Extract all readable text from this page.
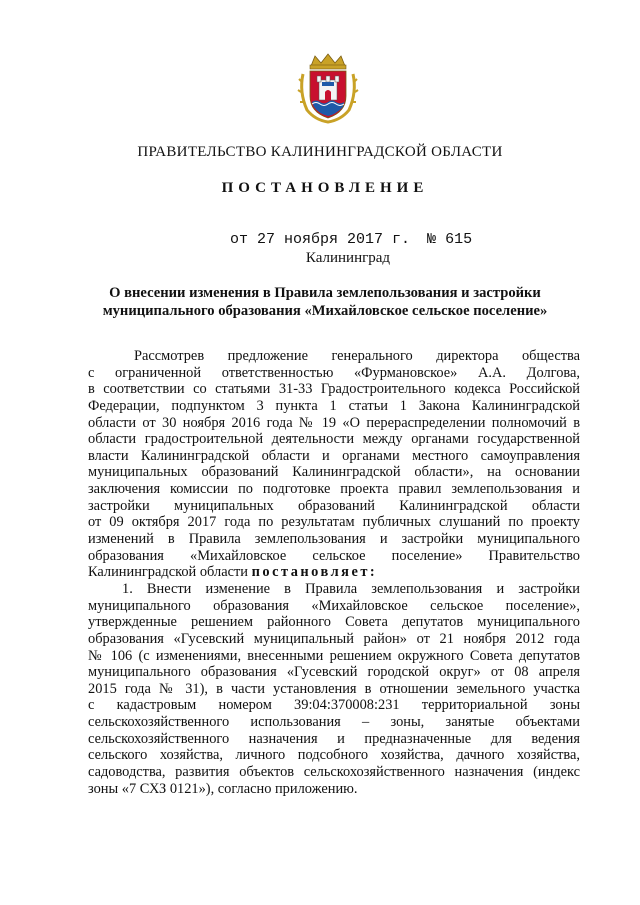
ПРАВИТЕЛЬСТВО КАЛИНИНГРАДСКОЙ ОБЛАСТИ
ПОСТАНОВЛЕНИЕ
от 27 ноября 2017 г. № 615
Калининград
О внесении изменения в Правила землепользования и застройки
муниципального образования «Михайловское сельское поселение»
Рассмотрев предложение генерального директора общества
с ограниченной ответственностью «Фурмановское» А.А. Долгова,
в соответствии со статьями 31-33 Градостроительного кодекса Российской
Федерации, подпунктом 3 пункта 1 статьи 1 Закона Калининградской
области от 30 ноября 2016 года № 19 «О перераспределении полномочий в
области градостроительной деятельности между органами государственной
власти Калининградской области и органами местного самоуправления
муниципальных образований Калининградской области», на основании
заключения комиссии по подготовке проекта правил землепользования и
застройки муниципальных образований Калининградской области
от 09 октября 2017 года по результатам публичных слушаний по проекту
изменений в Правила землепользования и застройки муниципального
образования «Михайловское сельское поселение» Правительство
Калининградской области постановляет:
1. Внести изменение в Правила землепользования и застройки
муниципального образования «Михайловское сельское поселение»,
утвержденные решением районного Совета депутатов муниципального
образования «Гусевский муниципальный район» от 21 ноября 2012 года
№ 106 (с изменениями, внесенными решением окружного Совета депутатов
муниципального образования «Гусевский городской округ» от 08 апреля
2015 года № 31), в части установления в отношении земельного участка
с кадастровым номером 39:04:370008:231 территориальной зоны
сельскохозяйственного использования – зоны, занятые объектами
сельскохозяйственного назначения и предназначенные для ведения
сельского хозяйства, личного подсобного хозяйства, дачного хозяйства,
садоводства, развития объектов сельскохозяйственного назначения (индекс
зоны «7 СХЗ 0121»), согласно приложению.
